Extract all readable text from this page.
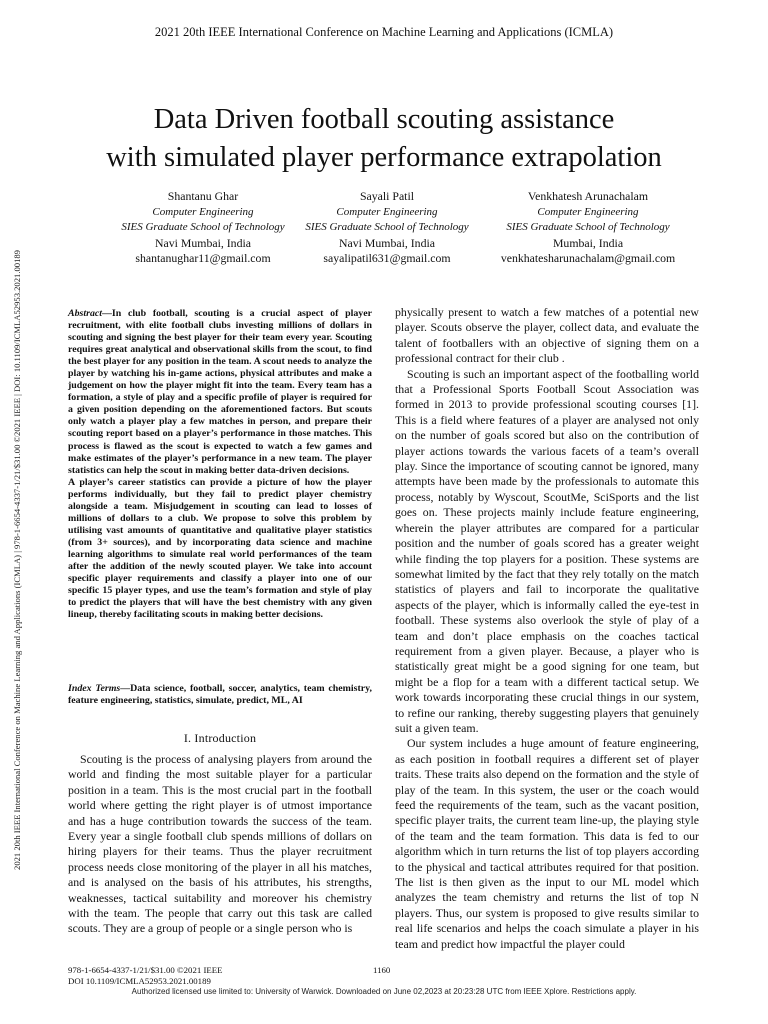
2021 20th IEEE International Conference on Machine Learning and Applications (ICMLA)
2021 20th IEEE International Conference on Machine Learning and Applications (ICMLA) | 978-1-6654-4337-1/21/$31.00 ©2021 IEEE | DOI: 10.1109/ICMLA52953.2021.00189
Data Driven football scouting assistance
with simulated player performance extrapolation
Shantanu Ghar
Computer Engineering
SIES Graduate School of Technology
Navi Mumbai, India
shantanughar11@gmail.com
Sayali Patil
Computer Engineering
SIES Graduate School of Technology
Navi Mumbai, India
sayalipatil631@gmail.com
Venkhatesh Arunachalam
Computer Engineering
SIES Graduate School of Technology
Mumbai, India
venkhatesharunachalam@gmail.com

Abstract—In club football, scouting is a crucial aspect of player recruitment, with elite football clubs investing millions of dollars in scouting and signing the best player for their team every year. Scouting requires great analytical and observational skills from the scout, to find the best player for any position in the team. A scout needs to analyze the player by watching his in-game actions, physical attributes and make a judgement on how the player might fit into the team. Every team has a formation, a style of play and a specific profile of player is required for a given position depending on the aforementioned factors. But scouts only watch a player play a few matches in person, and prepare their scouting report based on a player’s performance in those matches. This process is flawed as the scout is expected to watch a few games and make estimates of the player’s performance in a new team. The player statistics can help the scout in making better data-driven decisions.

A player’s career statistics can provide a picture of how the player performs individually, but they fail to predict player chemistry alongside a team. Misjudgement in scouting can lead to losses of millions of dollars to a club. We propose to solve this problem by utilising vast amounts of quantitative and qualitative player statistics (from 3+ sources), and by incorporating data science and machine learning algorithms to simulate real world performances of the team after the addition of the newly scouted player. We take into account specific player requirements and classify a player into one of our specific 15 player types, and use the team’s formation and style of play to predict the players that will have the best chemistry with any given lineup, thereby facilitating scouts in making better decisions.

Index Terms—Data science, football, soccer, analytics, team chemistry, feature engineering, statistics, simulate, predict, ML, AI
I. Introduction

Scouting is the process of analysing players from around the world and finding the most suitable player for a particular position in a team. This is the most crucial part in the football world where getting the right player is of utmost importance and has a huge contribution towards the success of the team. Every year a single football club spends millions of dollars on hiring players for their teams. Thus the player recruitment process needs close monitoring of the player in all his matches, and is analysed on the basis of his attributes, his strengths, weaknesses, tactical suitability and moreover his chemistry with the team. The people that carry out this task are called scouts. They are a group of people or a single person who is

physically present to watch a few matches of a potential new player. Scouts observe the player, collect data, and evaluate the talent of footballers with an objective of signing them on a professional contract for their club .

Scouting is such an important aspect of the footballing world that a Professional Sports Football Scout Association was formed in 2013 to provide professional scouting courses [1]. This is a field where features of a player are analysed not only on the number of goals scored but also on the contribution of player actions towards the various facets of a team’s overall play. Since the importance of scouting cannot be ignored, many attempts have been made by the professionals to automate this process, notably by Wyscout, ScoutMe, SciSports and the list goes on. These projects mainly include feature engineering, wherein the player attributes are compared for a particular position and the number of goals scored has a greater weight while finding the top players for a position. These systems are somewhat limited by the fact that they rely totally on the match statistics of players and fail to incorporate the qualitative aspects of the player, which is informally called the eye-test in football. These systems also overlook the style of play of a team and don’t place emphasis on the coaches tactical requirement from a given player. Because, a player who is statistically great might be a good signing for one team, but might be a flop for a team with a different tactical setup. We work towards incorporating these crucial things in our system, to refine our ranking, thereby suggesting players that genuinely suit a given team.

Our system includes a huge amount of feature engineering, as each position in football requires a different set of player traits. These traits also depend on the formation and the style of play of the team. In this system, the user or the coach would feed the requirements of the team, such as the vacant position, specific player traits, the current team line-up, the playing style of the team and the team formation. This data is fed to our algorithm which in turn returns the list of top players according to the physical and tactical attributes required for that position. The list is then given as the input to our ML model which analyzes the team chemistry and returns the list of top N players. Thus, our system is proposed to give results similar to real life scenarios and helps the coach simulate a player in his team and predict how impactful the player could

978-1-6654-4337-1/21/$31.00 ©2021 IEEE
DOI 10.1109/ICMLA52953.2021.00189
1160
Authorized licensed use limited to: University of Warwick. Downloaded on June 02,2023 at 20:23:28 UTC from IEEE Xplore. Restrictions apply.
